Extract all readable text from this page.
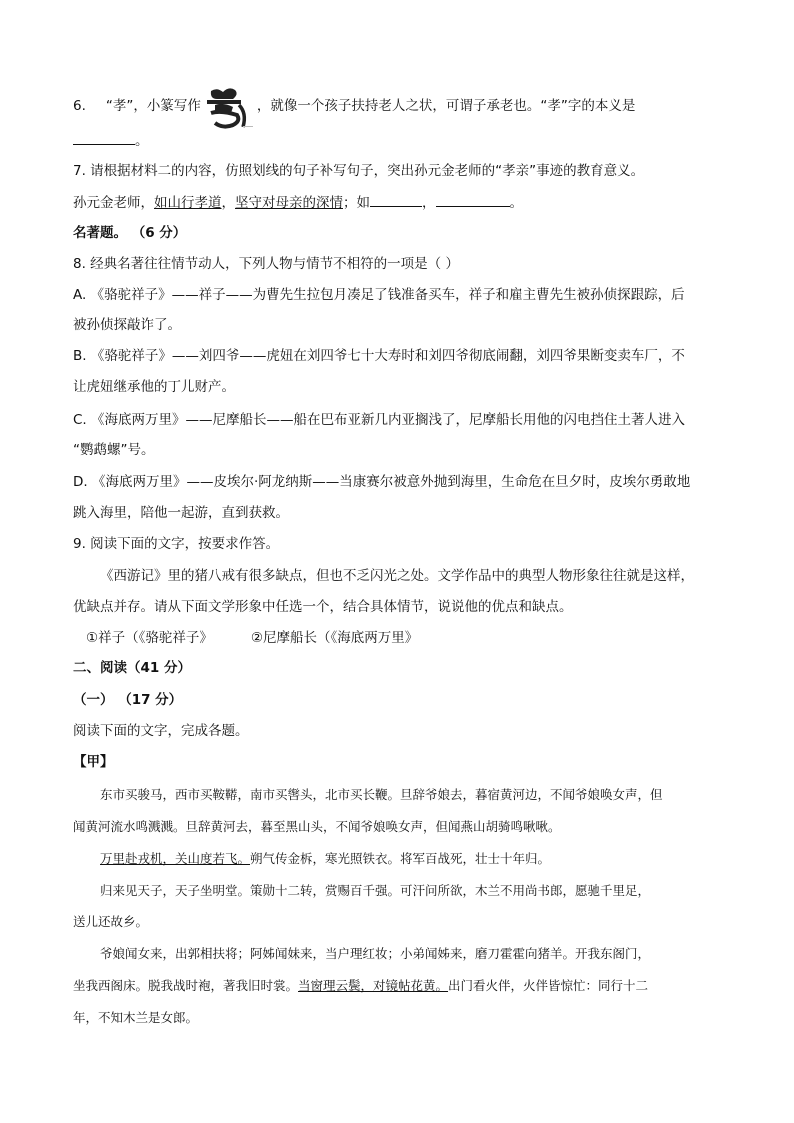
6. “孝”，小篆写作	，就像一个孩子扶持老人之状，可谓子承老也。“孝”字的本义是
。
7. 请根据材料二的内容，仿照划线的句子补写句子，突出孙元金老师的“孝亲”事迹的教育意义。
孙元金老师，如山行孝道，坚守对母亲的深情；如	，	。
名著题。 （6 分）
8. 经典名著往往情节动人，下列人物与情节不相符的一项是（ ）
A. 《骆驼祥子》——祥子——为曹先生拉包月凑足了钱准备买车，祥子和雇主曹先生被孙侦探跟踪，后
被孙侦探敲诈了。
B. 《骆驼祥子》——刘四爷——虎妞在刘四爷七十大寿时和刘四爷彻底闹翻，刘四爷果断变卖车厂，不
让虎妞继承他的丁儿财产。
C. 《海底两万里》——尼摩船长——船在巴布亚新几内亚搁浅了，尼摩船长用他的闪电挡住土著人进入
“鹦鹉螺”号。
D. 《海底两万里》——皮埃尔·阿龙纳斯——当康赛尔被意外抛到海里，生命危在旦夕时，皮埃尔勇敢地
跳入海里，陪他一起游，直到获救。
9. 阅读下面的文字，按要求作答。
《西游记》里的猪八戒有很多缺点，但也不乏闪光之处。文学作品中的典型人物形象往往就是这样，
优缺点并存。请从下面文学形象中任选一个，结合具体情节，说说他的优点和缺点。
①祥子（《骆驼祥子》	②尼摩船长（《海底两万里》
二、阅读（41 分）
（一） （17 分）
阅读下面的文字，完成各题。
【甲】
东市买骏马，西市买鞍鞯，南市买辔头，北市买长鞭。旦辞爷娘去，暮宿黄河边，不闻爷娘唤女声，但
闻黄河流水鸣溅溅。旦辞黄河去，暮至黑山头，不闻爷娘唤女声，但闻燕山胡骑鸣啾啾。
万里赴戎机，关山度若飞。朔气传金柝，寒光照铁衣。将军百战死，壮士十年归。
归来见天子，天子坐明堂。策勋十二转，赏赐百千强。可汗问所欲，木兰不用尚书郎，愿驰千里足，
送儿还故乡。
爷娘闻女来，出郭相扶将；阿姊闻妹来，当户理红妆；小弟闻姊来，磨刀霍霍向猪羊。开我东阁门，
坐我西阁床。脱我战时袍，著我旧时裳。当窗理云鬓，对镜帖花黄。出门看火伴，火伴皆惊忙：同行十二
年，不知木兰是女郎。
